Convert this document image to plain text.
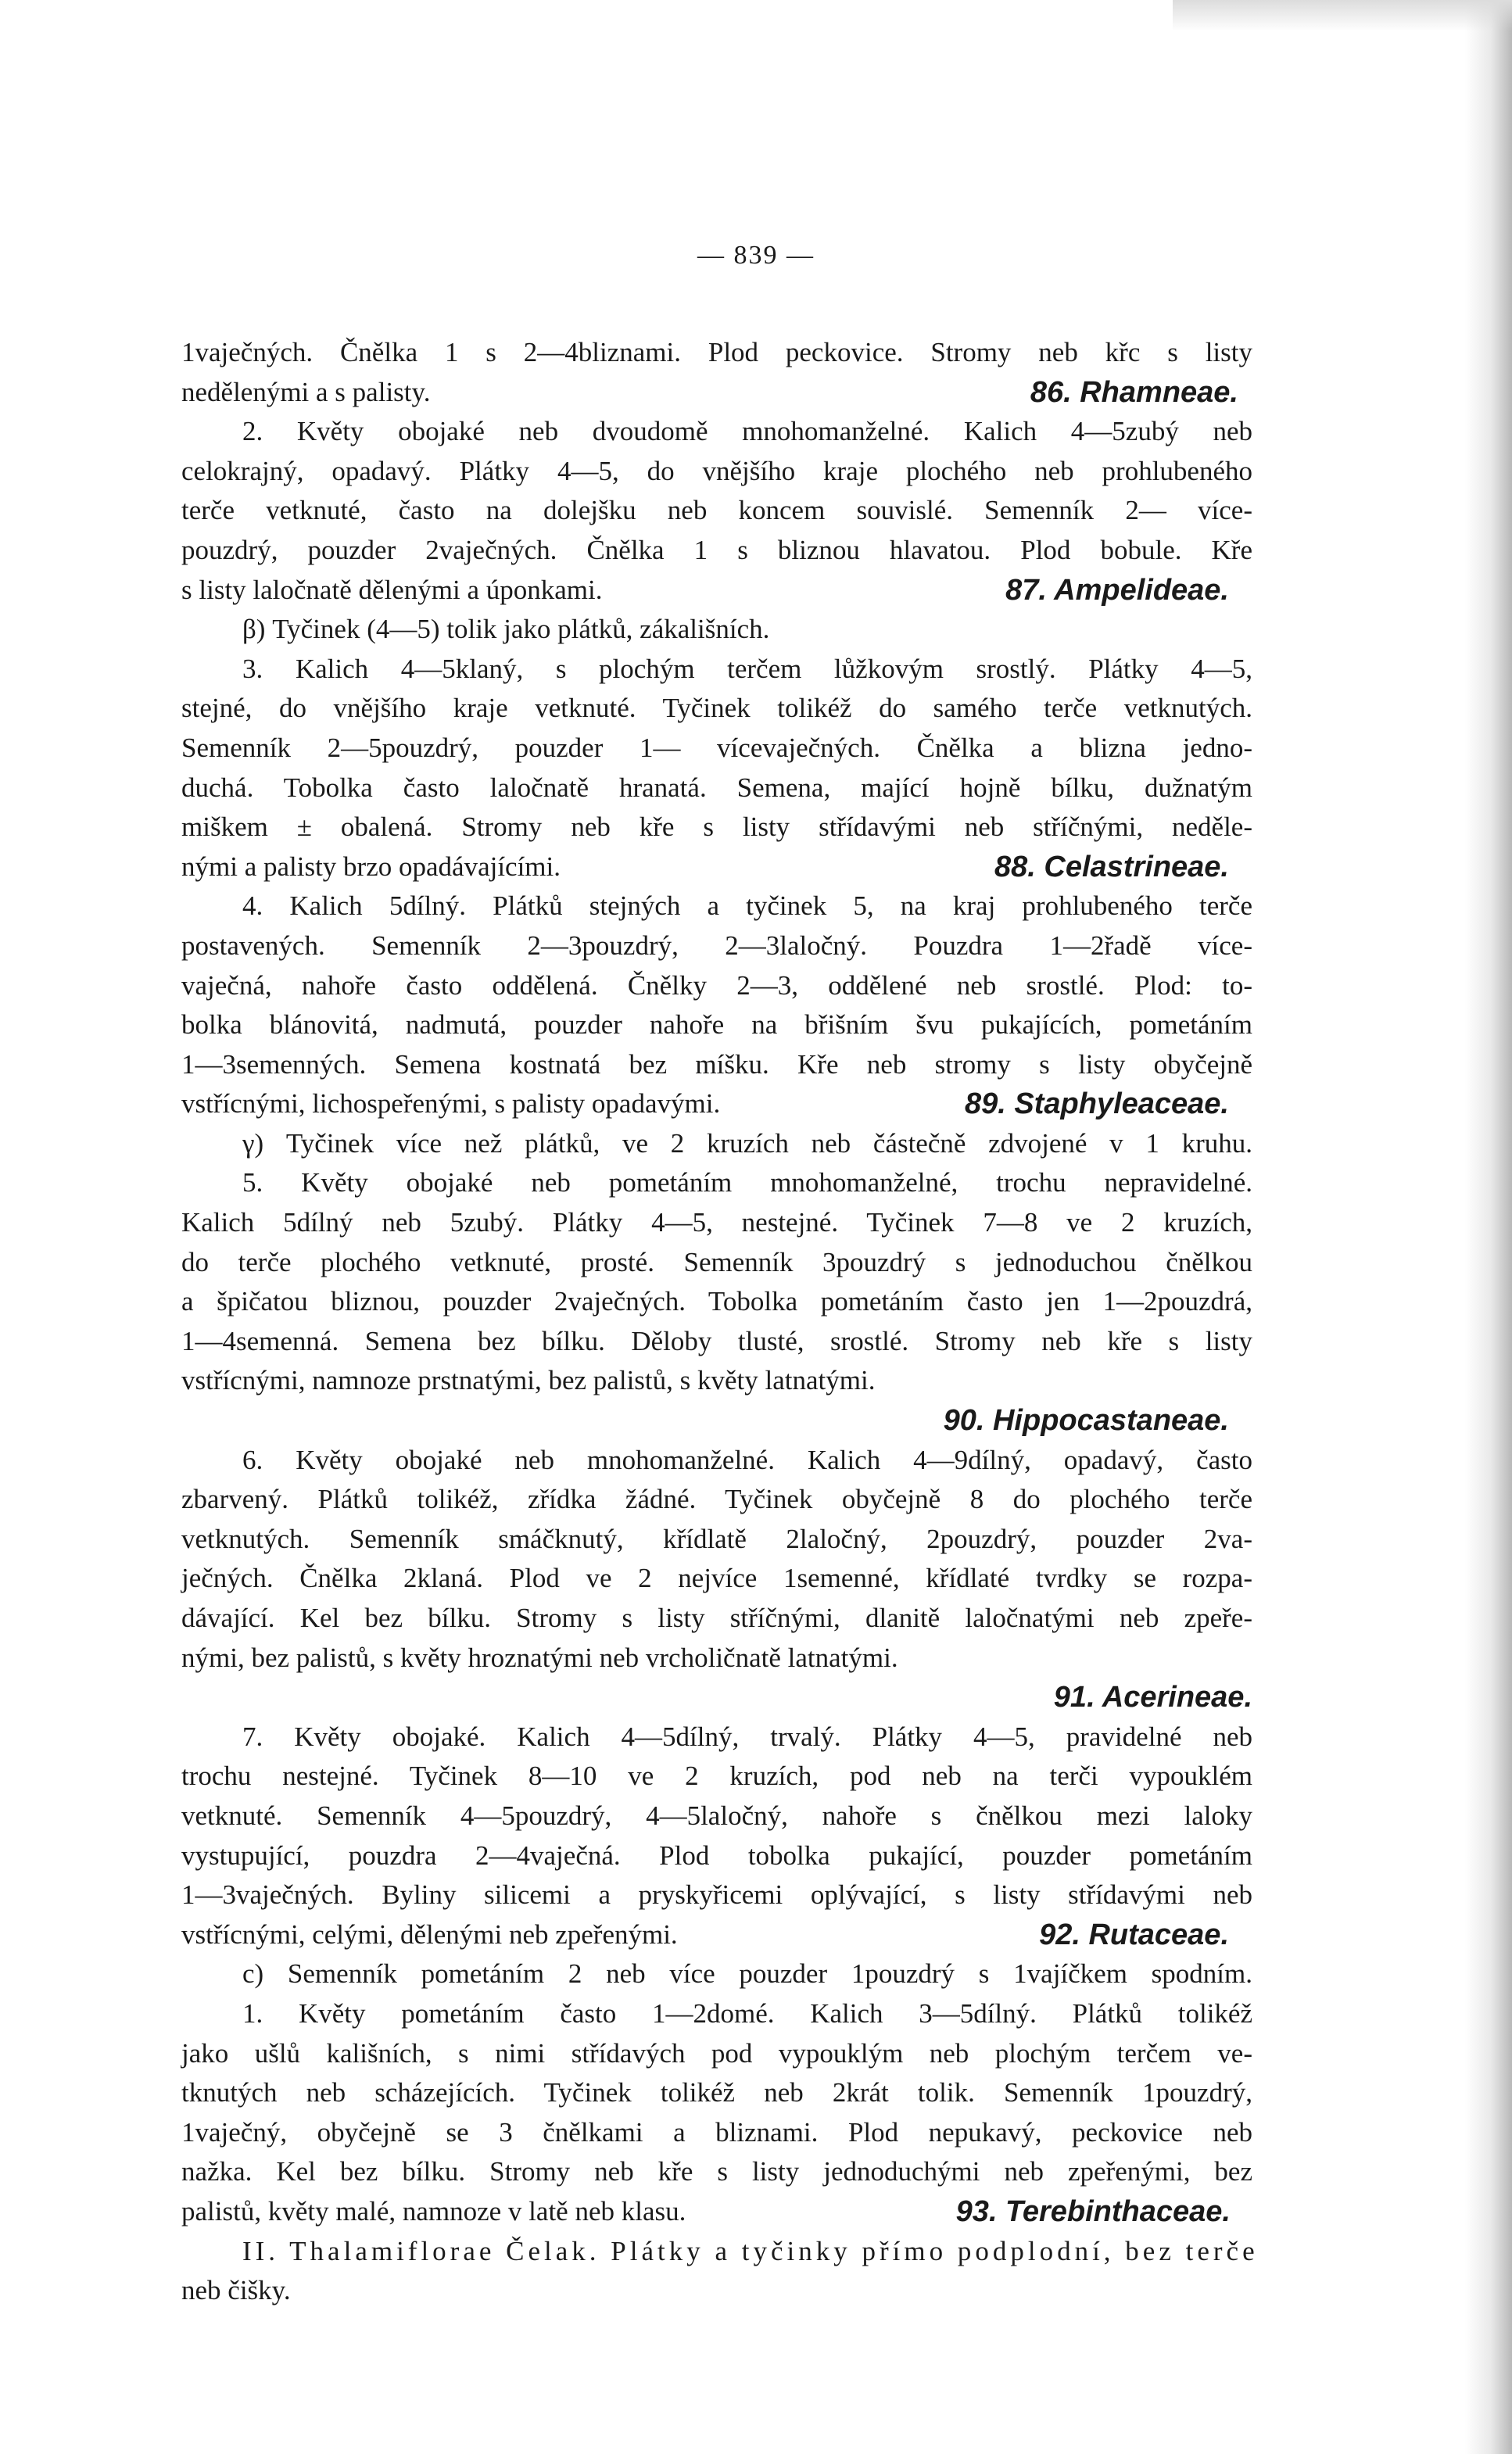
— 839 —
1vaječných. Čnělka 1 s 2—4bliznami. Plod peckovice. Stromy neb křc s listy
nedělenými a s palisty.	86. Rhamneae.
2. Květy obojaké neb dvoudomě mnohomanželné. Kalich 4—5zubý neb
celokrajný, opadavý. Plátky 4—5, do vnějšího kraje plochého neb prohlubeného
terče vetknuté, často na dolejšku neb koncem souvislé. Semenník 2— více-
pouzdrý, pouzder 2vaječných. Čnělka 1 s bliznou hlavatou. Plod bobule. Kře
s listy laločnatě dělenými a úponkami.	87. Ampelideae.
β) Tyčinek (4—5) tolik jako plátků, zákališních.
3. Kalich 4—5klaný, s plochým terčem lůžkovým srostlý. Plátky 4—5,
stejné, do vnějšího kraje vetknuté. Tyčinek tolikéž do samého terče vetknutých.
Semenník 2—5pouzdrý, pouzder 1— vícevaječných. Čnělka a blizna jedno-
duchá. Tobolka často laločnatě hranatá. Semena, mající hojně bílku, dužnatým
miškem ± obalená. Stromy neb kře s listy střídavými neb stříčnými, neděle-
nými a palisty brzo opadávajícími.	88. Celastrineae.
4. Kalich 5dílný. Plátků stejných a tyčinek 5, na kraj prohlubeného terče
postavených. Semenník 2—3pouzdrý, 2—3laločný. Pouzdra 1—2řadě více-
vaječná, nahoře často oddělená. Čnělky 2—3, oddělené neb srostlé. Plod: to-
bolka blánovitá, nadmutá, pouzder nahoře na břišním švu pukajících, pometáním
1—3semenných. Semena kostnatá bez míšku. Kře neb stromy s listy obyčejně
vstřícnými, lichospeřenými, s palisty opadavými.	89. Staphyleaceae.
γ) Tyčinek více než plátků, ve 2 kruzích neb částečně zdvojené v 1 kruhu.
5. Květy obojaké neb pometáním mnohomanželné, trochu nepravidelné.
Kalich 5dílný neb 5zubý. Plátky 4—5, nestejné. Tyčinek 7—8 ve 2 kruzích,
do terče plochého vetknuté, prosté. Semenník 3pouzdrý s jednoduchou čnělkou
a špičatou bliznou, pouzder 2vaječných. Tobolka pometáním často jen 1—2pouzdrá,
1—4semenná. Semena bez bílku. Děloby tlusté, srostlé. Stromy neb kře s listy
vstřícnými, namnoze prstnatými, bez palistů, s květy latnatými.
90. Hippocastaneae.
6. Květy obojaké neb mnohomanželné. Kalich 4—9dílný, opadavý, často
zbarvený. Plátků tolikéž, zřídka žádné. Tyčinek obyčejně 8 do plochého terče
vetknutých. Semenník smáčknutý, křídlatě 2laločný, 2pouzdrý, pouzder 2va-
ječných. Čnělka 2klaná. Plod ve 2 nejvíce 1semenné, křídlaté tvrdky se rozpa-
dávající. Kel bez bílku. Stromy s listy stříčnými, dlanitě laločnatými neb zpeře-
nými, bez palistů, s květy hroznatými neb vrcholičnatě latnatými.
91. Acerineae.
7. Květy obojaké. Kalich 4—5dílný, trvalý. Plátky 4—5, pravidelné neb
trochu nestejné. Tyčinek 8—10 ve 2 kruzích, pod neb na terči vypouklém
vetknuté. Semenník 4—5pouzdrý, 4—5laločný, nahoře s čnělkou mezi laloky
vystupující, pouzdra 2—4vaječná. Plod tobolka pukající, pouzder pometáním
1—3vaječných. Byliny silicemi a pryskyřicemi oplývající, s listy střídavými neb
vstřícnými, celými, dělenými neb zpeřenými.	92. Rutaceae.
c) Semenník pometáním 2 neb více pouzder 1pouzdrý s 1vajíčkem spodním.
1. Květy pometáním často 1—2domé. Kalich 3—5dílný. Plátků tolikéž
jako ušlů kališních, s nimi střídavých pod vypouklým neb plochým terčem ve-
tknutých neb scházejících. Tyčinek tolikéž neb 2krát tolik. Semenník 1pouzdrý,
1vaječný, obyčejně se 3 čnělkami a bliznami. Plod nepukavý, peckovice neb
nažka. Kel bez bílku. Stromy neb kře s listy jednoduchými neb zpeřenými, bez
palistů, květy malé, namnoze v latě neb klasu.	93. Terebinthaceae.
II. Thalamiflorae Čelak. Plátky a tyčinky přímo podplodní, bez terče
neb čišky.
